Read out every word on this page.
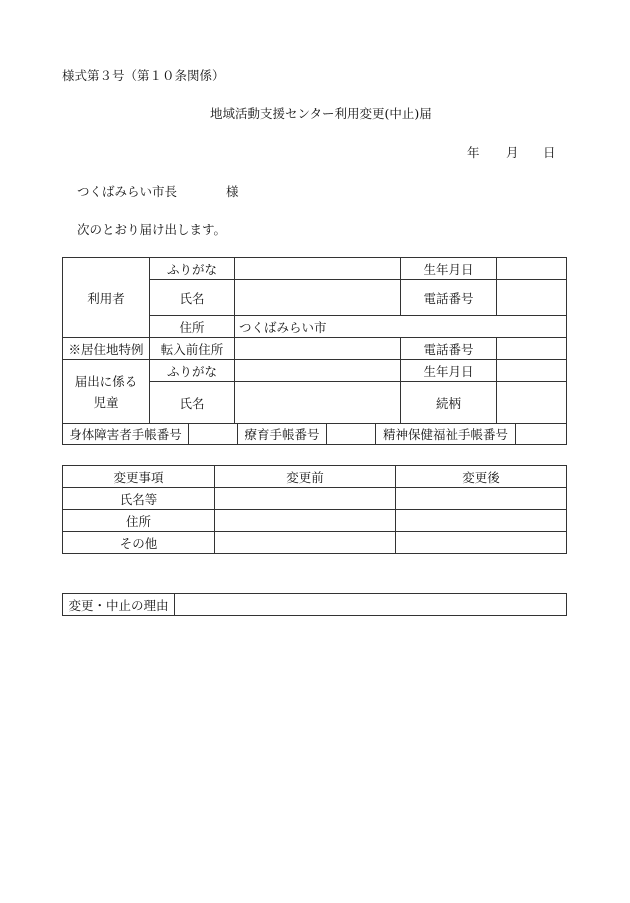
様式第３号（第１０条関係）
地域活動支援センター利用変更(中止)届
年 月 日
つくばみらい市長	様
次のとおり届け出します。
利用者	ふりがな		生年月日	
	氏名		電話番号	
	住所	つくばみらい市		
※居住地特例	転入前住所		電話番号	
届出に係る
児童	ふりがな		生年月日	
	氏名		続柄	
身体障害者手帳番号		療育手帳番号		精神保健福祉手帳番号	
変更事項	変更前	変更後
氏名等		
住所		
その他		
変更・中止の理由	
